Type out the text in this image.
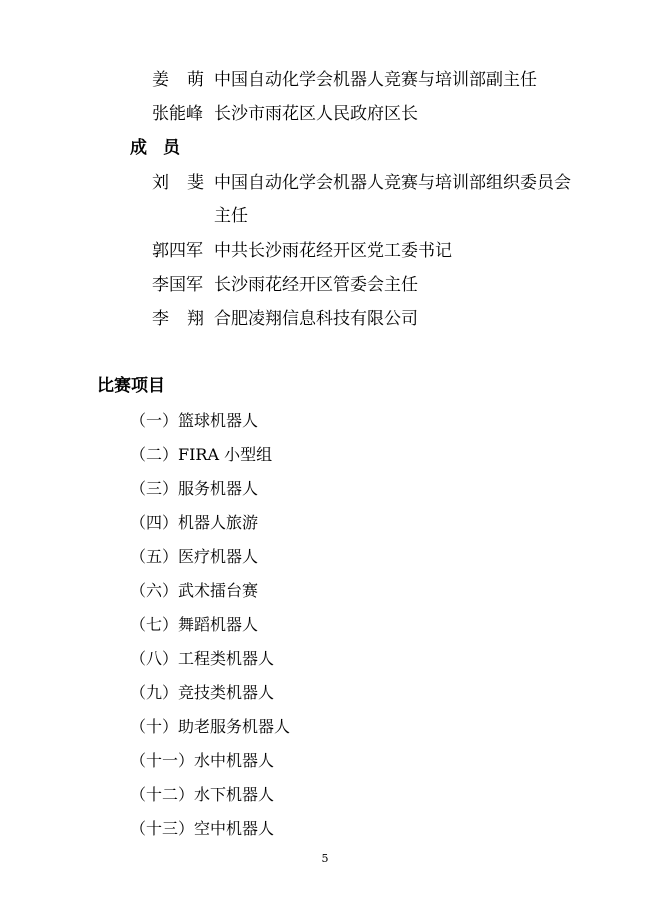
姜 萌 中国自动化学会机器人竞赛与培训部副主任
张能峰 长沙市雨花区人民政府区长
成 员
刘 斐 中国自动化学会机器人竞赛与培训部组织委员会
主任
郭四军 中共长沙雨花经开区党工委书记
李国军 长沙雨花经开区管委会主任
李 翔 合肥凌翔信息科技有限公司
比赛项目
（一）篮球机器人
（二）FIRA 小型组
（三）服务机器人
（四）机器人旅游
（五）医疗机器人
（六）武术擂台赛
（七）舞蹈机器人
（八）工程类机器人
（九）竞技类机器人
（十）助老服务机器人
（十一）水中机器人
（十二）水下机器人
（十三）空中机器人
5
